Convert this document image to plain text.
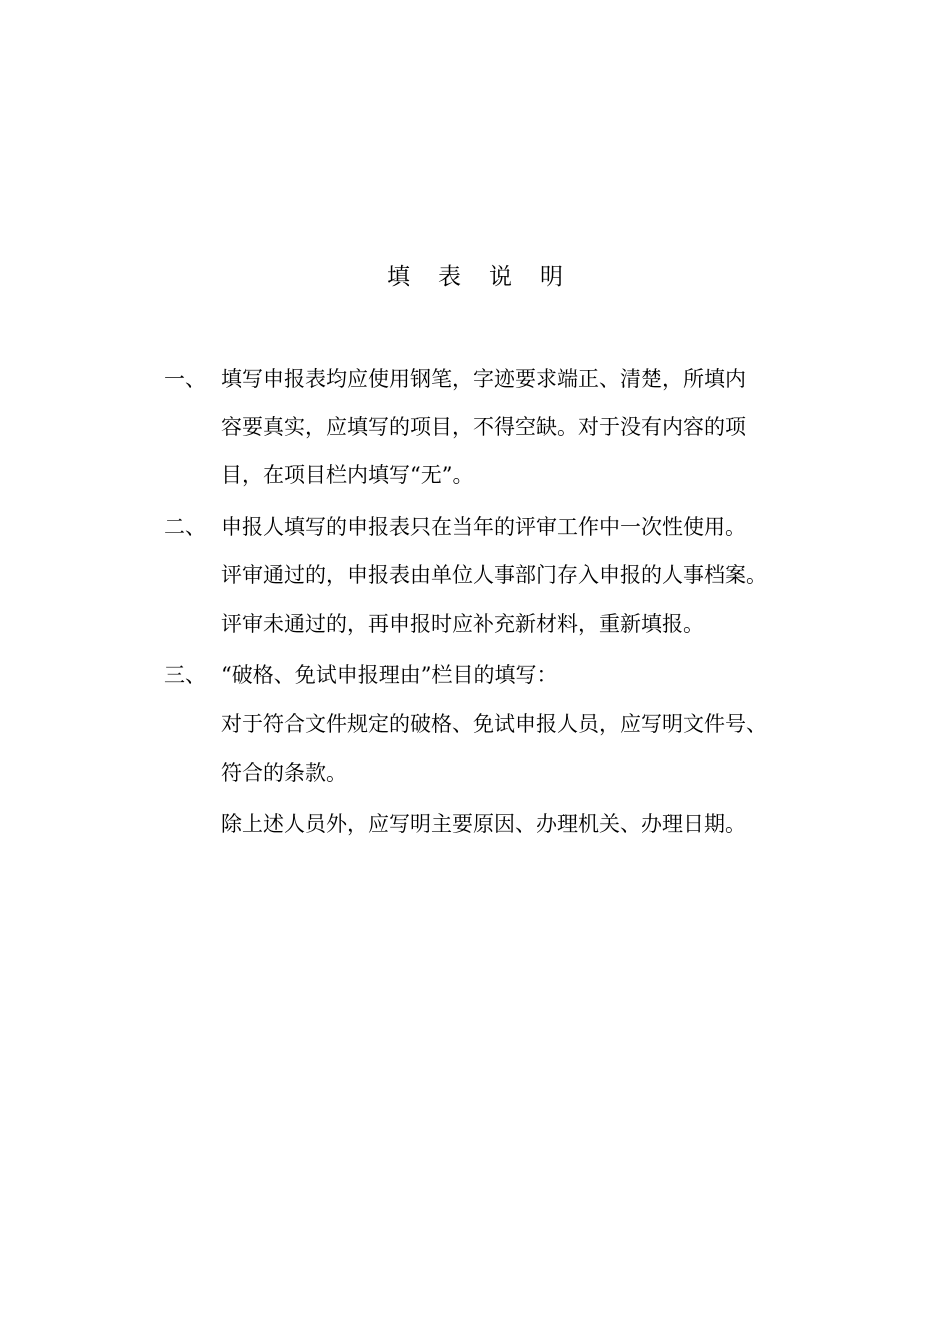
填表说明
一、 填写申报表均应使用钢笔，字迹要求端正、清楚，所填内
容要真实，应填写的项目，不得空缺。对于没有内容的项
目，在项目栏内填写“无”。
二、 申报人填写的申报表只在当年的评审工作中一次性使用。
评审通过的，申报表由单位人事部门存入申报的人事档案。
评审未通过的，再申报时应补充新材料，重新填报。
三、 “破格、免试申报理由”栏目的填写：
对于符合文件规定的破格、免试申报人员，应写明文件号、
符合的条款。
除上述人员外，应写明主要原因、办理机关、办理日期。
